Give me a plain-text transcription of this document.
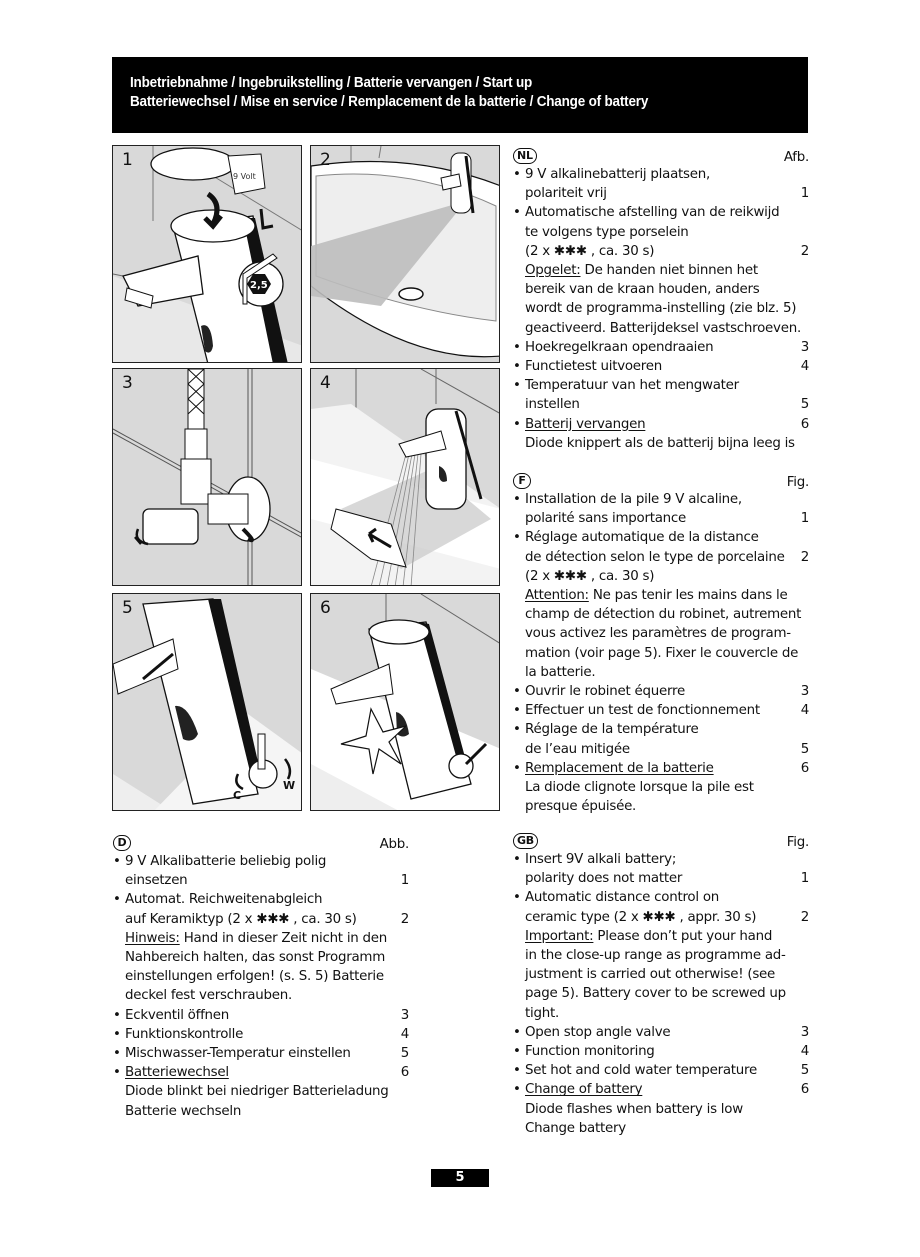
Inbetriebnahme / Ingebruikstelling / Batterie vervangen / Start up
Batteriewechsel / Mise en service / Remplacement de la batterie / Change of battery
9 Volt
2,5
1	2
3	4
C
W
5	6
NL	Afb.
• 9 V alkalinebatterij plaatsen,
polariteit vrij	1
• Automatische afstelling van de reikwijd
te volgens type porselein
(2 x ✱✱✱ , ca. 30 s)	2
Opgelet: De handen niet binnen het
bereik van de kraan houden, anders
wordt de programma-instelling (zie blz. 5)
geactiveerd. Batterijdeksel vastschroeven.
• Hoekregelkraan opendraaien	3
• Functietest uitvoeren	4
• Temperatuur van het mengwater
instellen	5
• Batterij vervangen	6
Diode knippert als de batterij bijna leeg is
F	Fig.
• Installation de la pile 9 V alcaline,
polarité sans importance	1
• Réglage automatique de la distance
de détection selon le type de porcelaine 2
(2 x ✱✱✱ , ca. 30 s)
Attention: Ne pas tenir les mains dans le
champ de détection du robinet, autrement
vous activez les paramètres de program-
mation (voir page 5). Fixer le couvercle de
la batterie.
• Ouvrir le robinet équerre	3
• Effectuer un test de fonctionnement	4
• Réglage de la température
de l’eau mitigée	5
• Remplacement de la batterie	6
La diode clignote lorsque la pile est
presque épuisée.
D	Abb.
• 9 V Alkalibatterie beliebig polig
einsetzen	1
• Automat. Reichweitenabgleich
auf Keramiktyp (2 x ✱✱✱ , ca. 30 s)	2
Hinweis: Hand in dieser Zeit nicht in den
Nahbereich halten, das sonst Programm
einstellungen erfolgen! (s. S. 5) Batterie
deckel fest verschrauben.
• Eckventil öffnen	3
• Funktionskontrolle	4
• Mischwasser-Temperatur einstellen	5
• Batteriewechsel	6
Diode blinkt bei niedriger Batterieladung
Batterie wechseln
GB	Fig.
• Insert 9V alkali battery;
polarity does not matter	1
• Automatic distance control on
ceramic type (2 x ✱✱✱ , appr. 30 s)	2
Important: Please don’t put your hand
in the close-up range as programme ad-
justment is carried out otherwise! (see
page 5). Battery cover to be screwed up
tight.
• Open stop angle valve	3
• Function monitoring	4
• Set hot and cold water temperature	5
• Change of battery	6
Diode flashes when battery is low
Change battery
5
